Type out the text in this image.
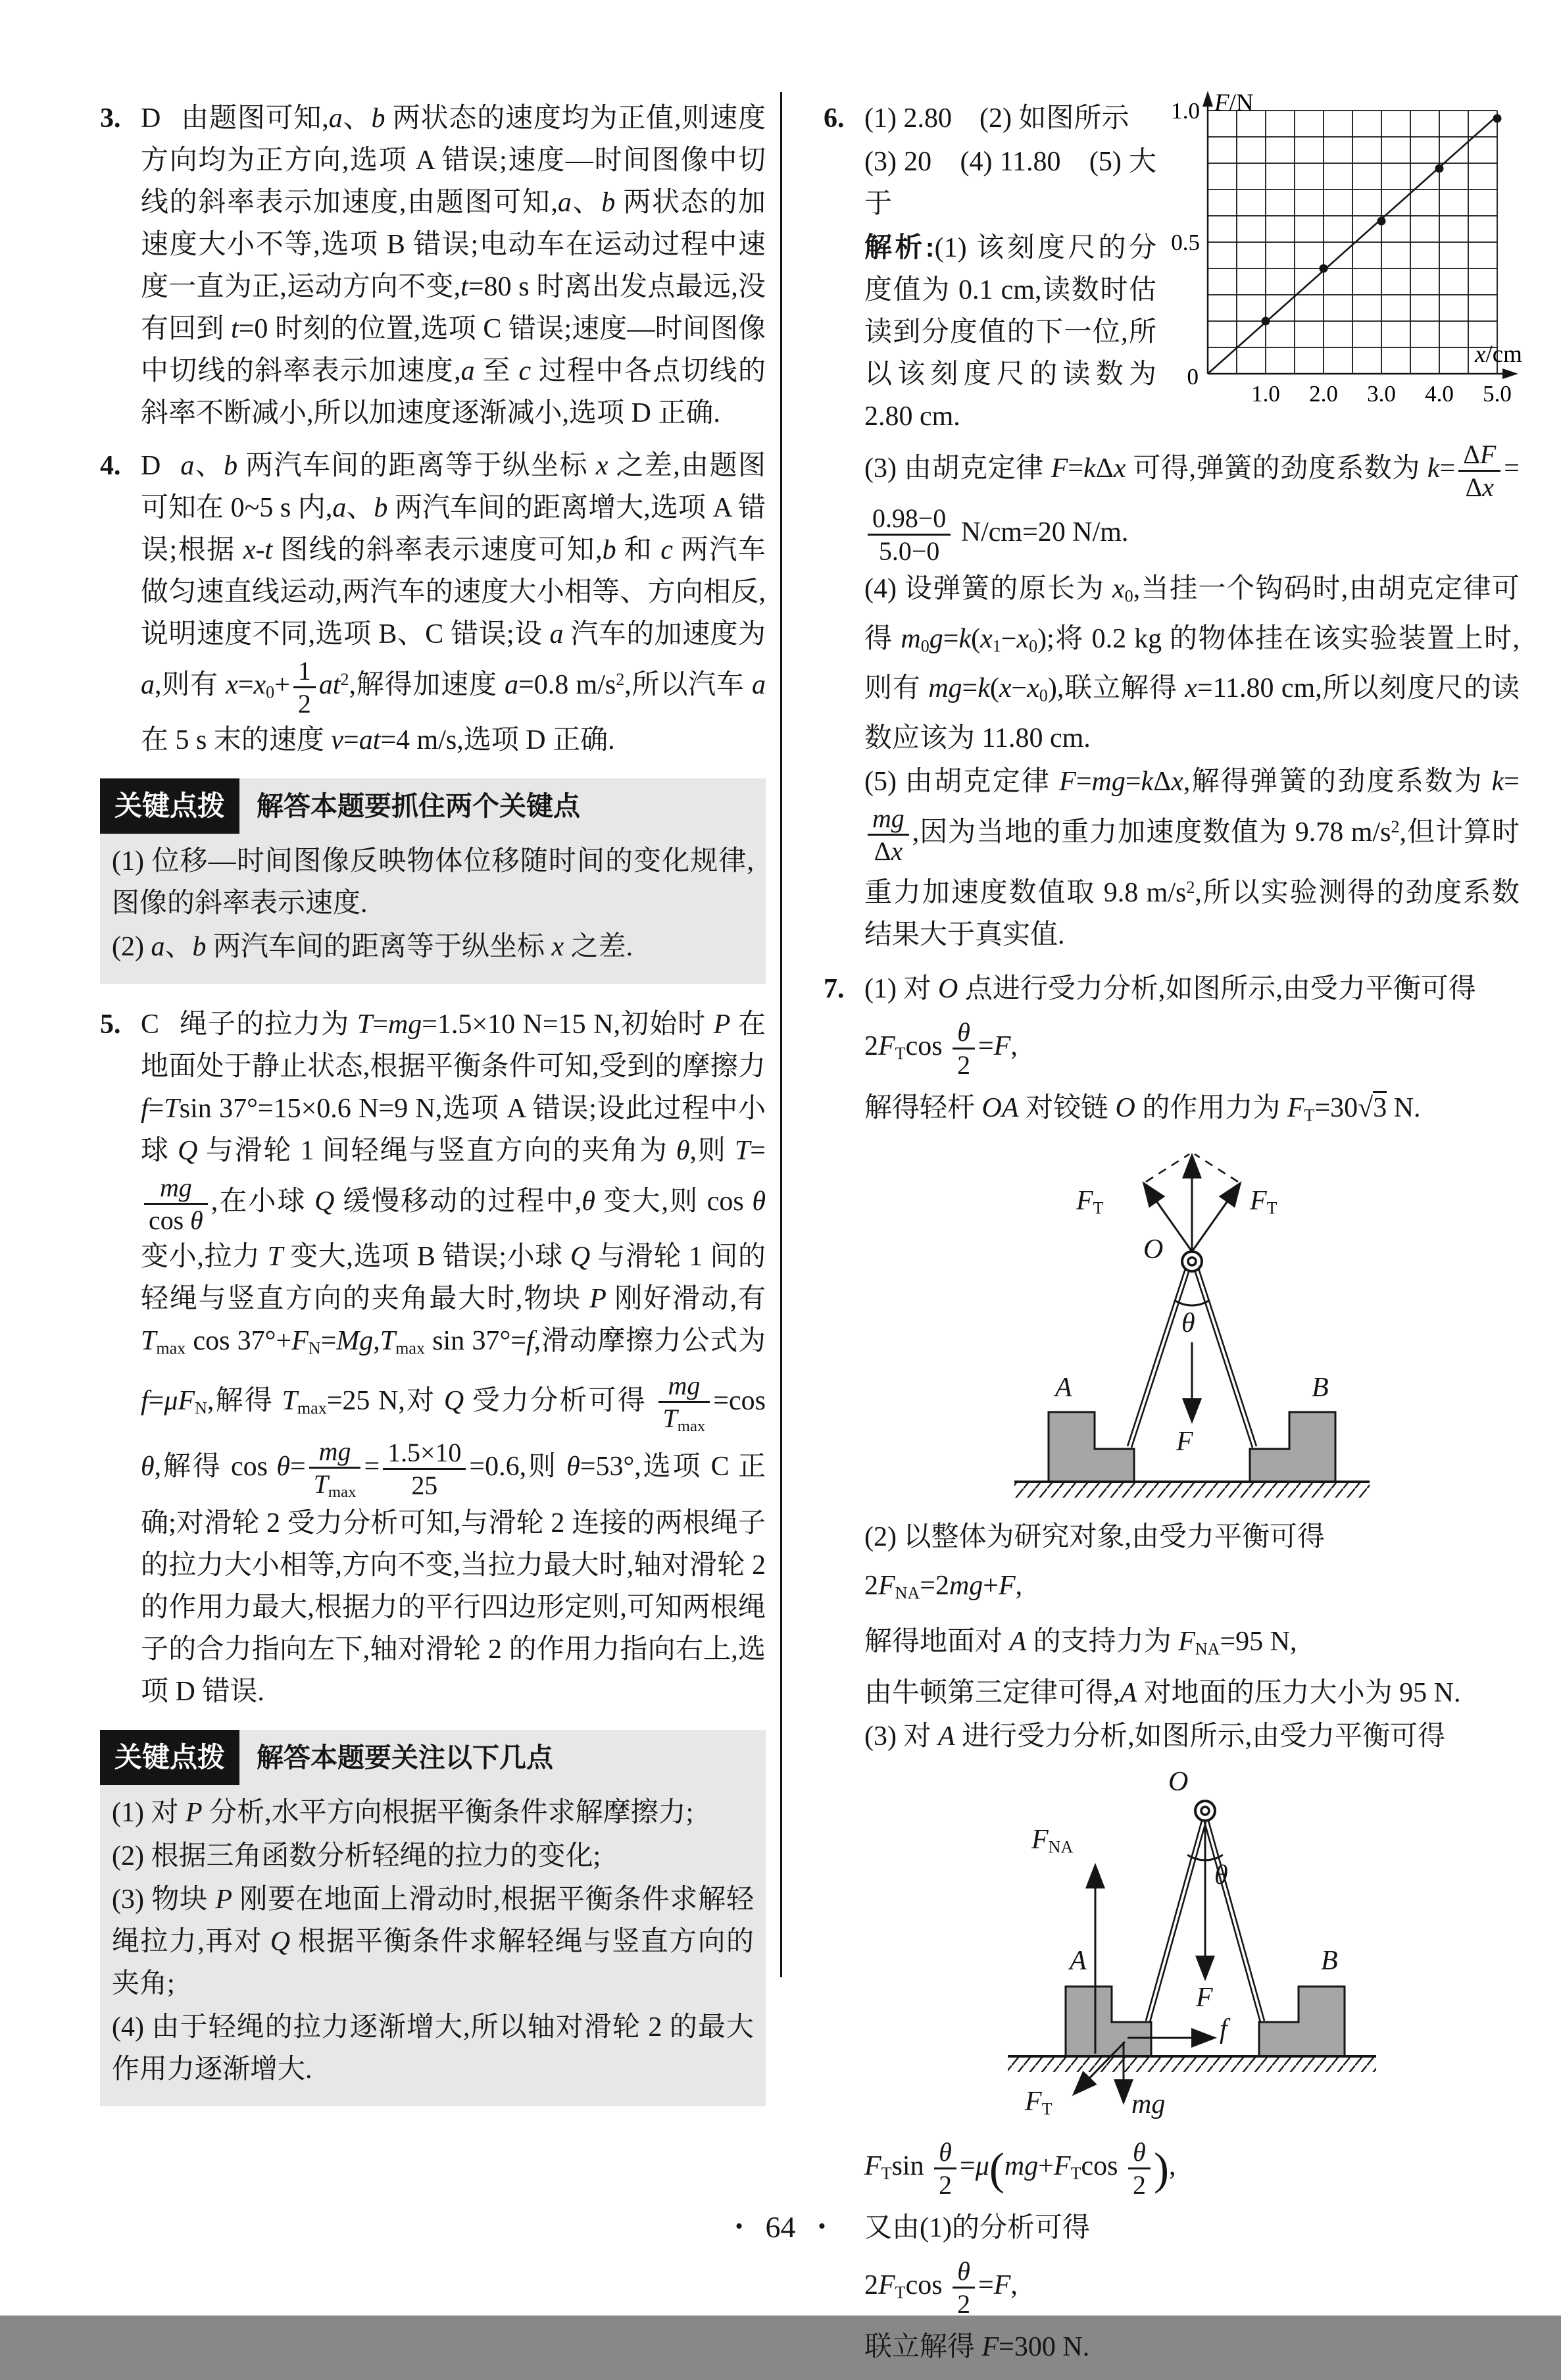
3. D 由题图可知,a、b 两状态的速度均为正值,则速度方向均为正方向,选项 A 错误;速度—时间图像中切线的斜率表示加速度,由题图可知,a、b 两状态的加速度大小不等,选项 B 错误;电动车在运动过程中速度一直为正,运动方向不变,t=80 s 时离出发点最远,没有回到 t=0 时刻的位置,选项 C 错误;速度—时间图像中切线的斜率表示加速度,a 至 c 过程中各点切线的斜率不断减小,所以加速度逐渐减小,选项 D 正确.
4. D a、b 两汽车间的距离等于纵坐标 x 之差,由题图可知在 0~5 s 内,a、b 两汽车间的距离增大,选项 A 错误;根据 x-t 图线的斜率表示速度可知,b 和 c 两汽车做匀速直线运动,两汽车的速度大小相等、方向相反,说明速度不同,选项 B、C 错误;设 a 汽车的加速度为 a,则有 $x=x_0+ \frac{1}{2} at^2$,解得加速度 a=0.8 $m/s^2$,所以汽车 a 在 5 s 末的速度 v=at=4 m/s,选项 D 正确.
关键点拨	解答本题要抓住两个关键点

(1) 位移—时间图像反映物体位移随时间的变化规律,图像的斜率表示速度.

(2) a、b 两汽车间的距离等于纵坐标 x 之差.

5. C 绳子的拉力为 T=mg=1.5×10 N=15 N,初始时 P 在地面处于静止状态,根据平衡条件可知,受到的摩擦力 f=Tsin 37°=15×0.6 N=9 N,选项 A 错误;设此过程中小球 Q 与滑轮 1 间轻绳与竖直方向的夹角为 θ,则 T=
$\frac{mg}{\text{cos θ}}$ ,在小球 Q 缓慢移动的过程中,θ 变大,则 cos θ 变小,拉力 T 变大,选项 B 错误;小球 Q 与滑轮 1 间的轻绳与竖直方向的夹角最大时,物块 P 刚好滑动,有 $T_{max}$ $\cos 37^\circ+F_N=Mg,T_{max}$ sin 37°=f,滑动摩擦力公式为 $f=\mu F_N$,解得 $T_{max}=25$ N,对 Q 受力分析可得
mg
$T_{max}$
=cos θ,解得 cos θ=
mg
$T_{max}$
= $\frac{1.5\times 10}{25} =0.6$,则 θ=53°,选项 C 正确;对滑轮 2 受力分析可知,与滑轮 2 连接的两根绳子的拉力大小相等,方向不变,当拉力最大时,轴对滑轮 2 的作用力最大,根据力的平行四边形定则,可知两根绳子的合力指向左下,轴对滑轮 2 的作用力指向右上,选项 D 错误.
关键点拨	解答本题要关注以下几点

(1) 对 P 分析,水平方向根据平衡条件求解摩擦力;

(2) 根据三角函数分析轻绳的拉力的变化;

(3) 物块 P 刚要在地面上滑动时,根据平衡条件求解轻绳拉力,再对 Q 根据平衡条件求解轻绳与竖直方向的夹角;

(4) 由于轻绳的拉力逐渐增大,所以轴对滑轮 2 的最大作用力逐渐增大.

6.
1.0 2.0 3.0 4.0 5.0
0.5
1.0
0
F/N
x/cm

(1) 2.80　(2) 如图所示

(3) 20　(4) 11.80　(5) 大于

解析:(1) 该刻度尺的分度值为 0.1 cm,读数时估读到分度值的下一位,所以该刻度尺的读数为 2.80 cm.

(3) 由胡克定律 F=kΔx 可得,弹簧的劲度系数为 $k= \frac{\Delta F}{\Delta x}$ =
$\frac{0.98-0}{5.0-0} N/cm=20$ N/m.

(4) 设弹簧的原长为 $x_0$,当挂一个钩码时,由胡克定律可得 $m_0g=k(x_1-x_0)$;将 0.2 kg 的物体挂在该实验装置上时,则有 $mg=k(x-x_0)$,联立解得 x=11.80 cm,所以刻度尺的读数应该为 11.80 cm.

(5) 由胡克定律 F=mg=kΔx,解得弹簧的劲度系数为 k=
$\frac{mg}{\Delta x}$ ,因为当地的重力加速度数值为 9.78 $m/s^2$,但计算时重力加速度数值取 9.8 $m/s^2$,所以实验测得的劲度系数结果大于真实值.

7. (1) 对 O 点进行受力分析,如图所示,由受力平衡可得

$2F_T\cos \frac{\theta}{2} =F$,

解得轻杆 OA 对铰链 O 的作用力为 $F_T=30√3$ N.

O
$F_T$	$F_T$
θ
F
A	B

(2) 以整体为研究对象,由受力平衡可得

$2F_{NA}=2mg+F$,

解得地面对 A 的支持力为 $F_{NA}=95$ N,

由牛顿第三定律可得,A 对地面的压力大小为 95 N.

(3) 对 A 进行受力分析,如图所示,由受力平衡可得

O
$F_{NA}$
θ
F
f
$F_T$	mg
A	B

$F_T\sin \frac{\theta}{2} =\mu(mg+F_T\cos \frac{\theta}{2}$ ),

又由(1)的分析可得

$2F_T\cos \frac{\theta}{2} =F$,

联立解得 F=300 N.

• 64 •
